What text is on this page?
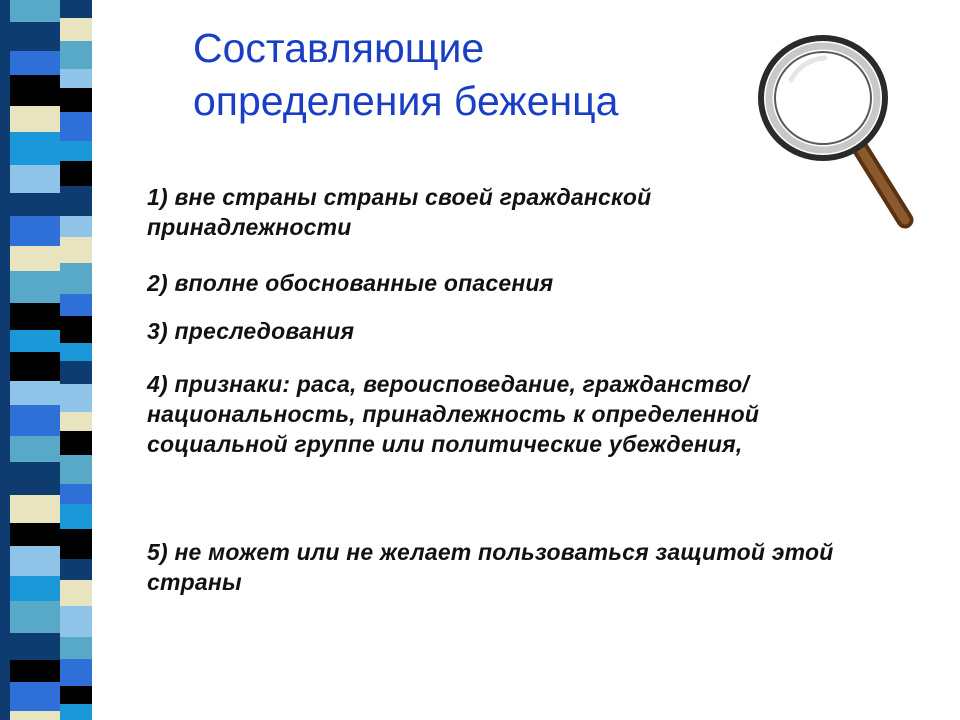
Составляющие
определения беженца
1) вне страны страны своей гражданской принадлежности
2) вполне обоснованные опасения
3) преследования
4) признаки: раса, вероисповедание, гражданство/национальность, принадлежность к определенной социальной группе или политические убеждения,
5) не может или не желает пользоваться защитой этой страны
